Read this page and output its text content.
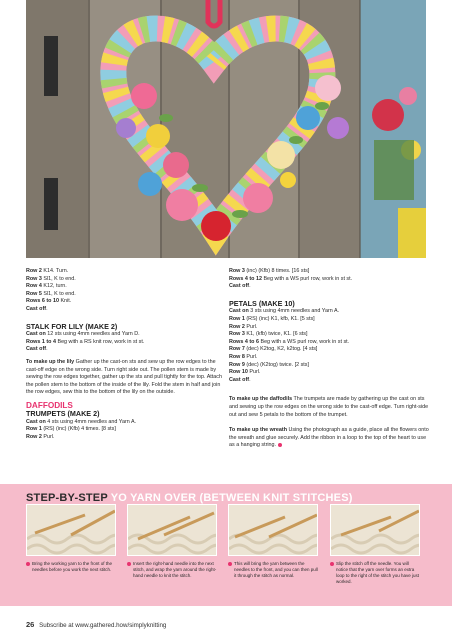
Row 2 K14. Turn.
Row 3 Sl1, K to end.
Row 4 K12, turn.
Row 5 Sl1, K to end.
Rows 6 to 10 Knit.
Cast off.
STALK FOR LILY (MAKE 2)
Cast on 12 sts using 4mm needles and Yarn D.
Rows 1 to 4 Beg with a RS knit row, work in st st.
Cast off.
To make up the lily Gather up the cast-on sts and sew up the row edges to the cast-off edge on the wrong side. Turn right side out. The pollen stem is made by sewing the row edges together, gather up the sts and pull tightly for the top. Attach the pollen stem to the bottom of the inside of the lily. Fold the stem in half and join the row edges, sew this to the bottom of the lily on the outside.
DAFFODILS
TRUMPETS (MAKE 2)
Cast on 4 sts using 4mm needles and Yarn A.
Row 1 (RS) (inc) (Kfb) 4 times. [8 sts]
Row 2 Purl.
Row 3 (inc) (Kfb) 8 times. [16 sts]
Rows 4 to 12 Beg with a WS purl row, work in st st.
Cast off.
PETALS (MAKE 10)
Cast on 3 sts using 4mm needles and Yarn A.
Row 1 (RS) (inc) K1, kfb, K1. [5 sts]
Row 2 Purl.
Row 3 K1, (kfb) twice, K1. [6 sts]
Rows 4 to 6 Beg with a WS purl row, work in st st.
Row 7 (dec) K2tog, K2, k2tog. [4 sts]
Row 8 Purl.
Row 9 (dec) (K2tog) twice. [2 sts]
Row 10 Purl.
Cast off.
To make up the daffodils The trumpets are made by gathering up the cast on sts and sewing up the row edges on the wrong side to the cast-off edge. Turn right-side out and sew 5 petals to the bottom of the trumpet.
To make up the wreath Using the photograph as a guide, place all the flowers onto the wreath and glue securely. Add the ribbon in a loop to the top of the heart to use as a hanging string.
STEP-BY-STEP YO YARN OVER (BETWEEN KNIT STITCHES)
Bring the working yarn to the front of the needles before you work the next stitch.
Insert the right-hand needle into the next stitch, and wrap the yarn around the right-hand needle to knit the stitch.
This will bring the yarn between the needles to the front, and you can then pull it through the stitch as normal.
Slip the stitch off the needle. You will notice that the yarn over forms an extra loop to the right of the stitch you have just worked.
26 Subscribe at www.gathered.how/simplyknitting
